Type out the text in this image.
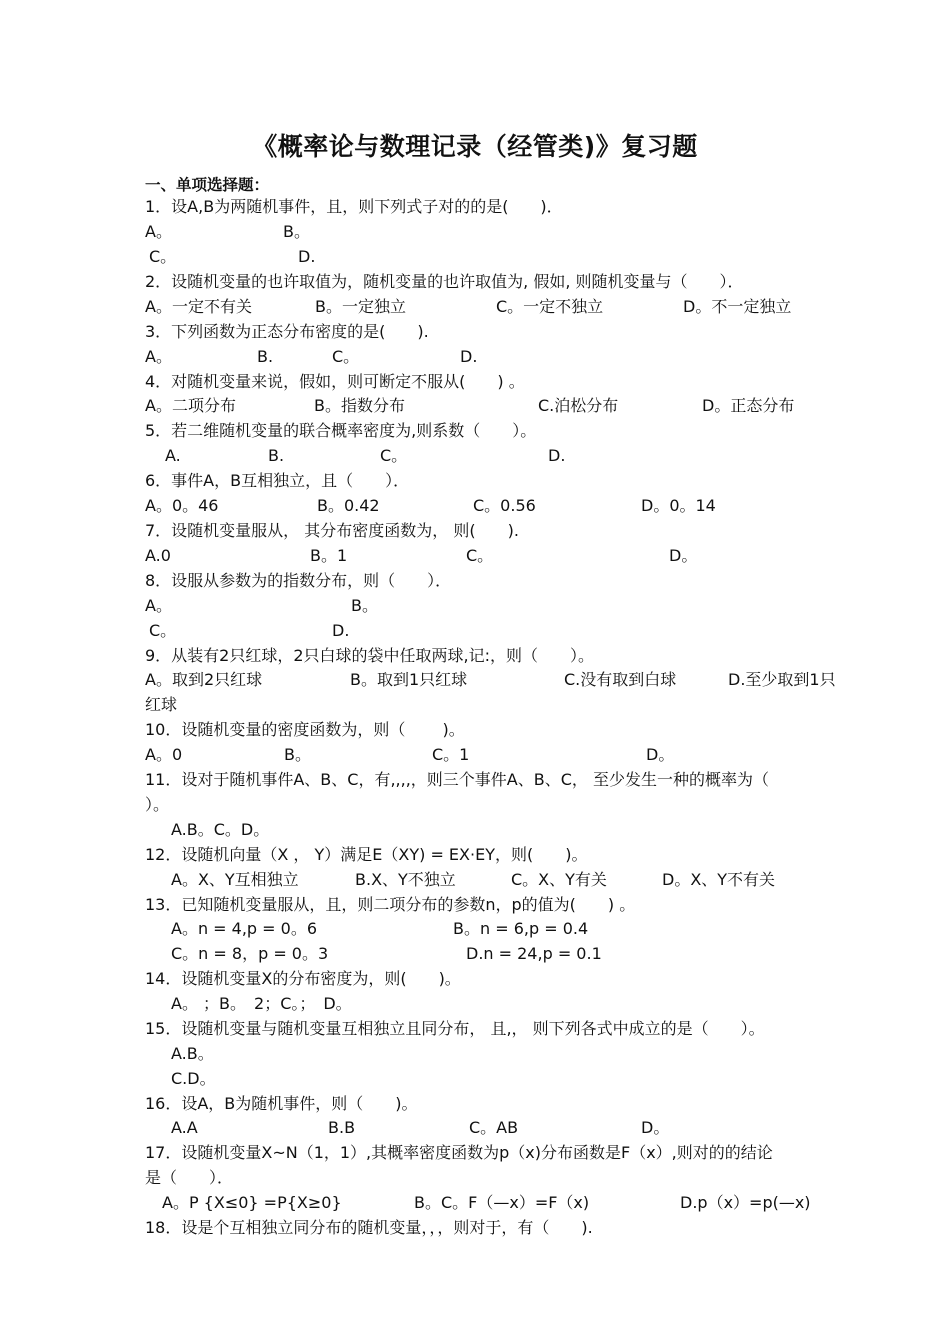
《概率论与数理记录（经管类)》复习题
一、单项选择题：
1．设A,B为两随机事件，且，则下列式子对的的是(　　)．
A。	B。
C。	D.
2．设随机变量的也许取值为，随机变量的也许取值为, 假如, 则随机变量与（　　）．
A。一定不有关	B。一定独立	C。一定不独立	D。不一定独立
3．下列函数为正态分布密度的是(　　).
A。	B.	C。	D.
4．对随机变量来说，假如，则可断定不服从(　　) 。
A。二项分布	B。指数分布	C.泊松分布	D。正态分布
5．若二维随机变量的联合概率密度为,则系数（　　）。
A.	B.	C。	D.
6．事件A，B互相独立，且（　　）．
A。0。46	B。0.42	C。0.56	D。0。14
7．设随机变量服从， 其分布密度函数为， 则(　　).
A.0	B。1	C。	D。
8．设服从参数为的指数分布，则（　　）．
A。	B。
C。	D.
9．从装有2只红球，2只白球的袋中任取两球,记:，则（　　）。
A。取到2只红球	B。取到1只红球	C.没有取到白球	D.至少取到1只
红球
10．设随机变量的密度函数为，则（　　 )。
A。0	B。	C。1	D。
11．设对于随机事件A、B、C，有,,,,，则三个事件A、B、C， 至少发生一种的概率为（
）。
A.B。C。D。
12．设随机向量（X ， Y）满足E（XY) = EX·EY，则(　　)。
A。X、Y互相独立	B.X、Y不独立	C。X、Y有关	D。X、Y不有关
13．已知随机变量服从，且，则二项分布的参数n，p的值为(　　) 。
A。n = 4,p = 0。6	B。n = 6,p = 0.4
C。n = 8，p = 0。3	D.n = 24,p = 0.1
14．设随机变量X的分布密度为，则(　　)。
A。 ；B。　2；C。；　D。
15．设随机变量与随机变量互相独立且同分布， 且,， 则下列各式中成立的是（　　）。
A.B。
C.D。
16．设A，B为随机事件，则（　　)。
A.A	B.B	C。AB	D。
17．设随机变量X~N（1，1）,其概率密度函数为p（x)分布函数是F（x）,则对的的结论
是（　　）．
A。P {X≤0} =P{X≥0}	B。C。F（—x）=F（x)	D.p（x）=p(—x)
18．设是个互相独立同分布的随机变量，，，则对于，有（　　).
